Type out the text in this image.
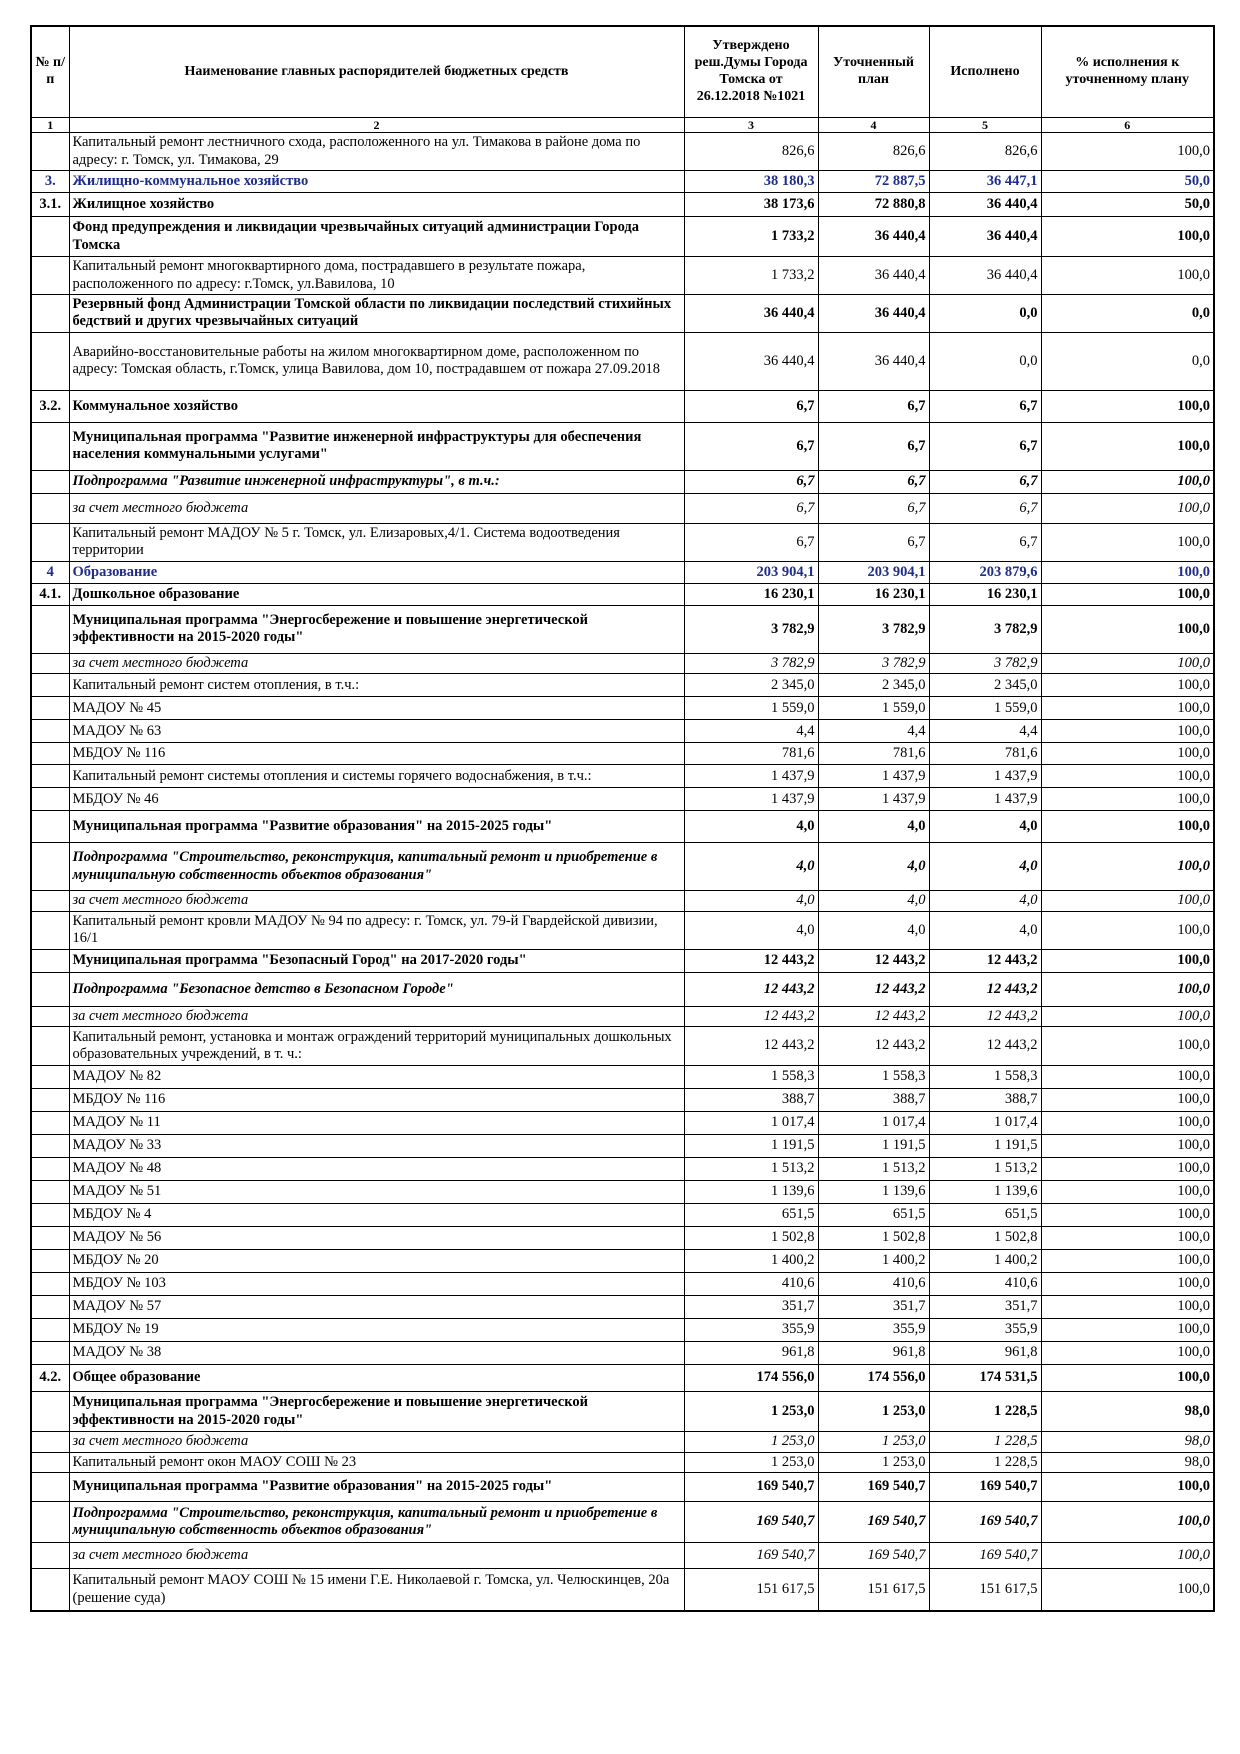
№ п/п	Наименование главных распорядителей бюджетных средств	Утверждено реш.Думы Города Томска от 26.12.2018 №1021	Уточненный план	Исполнено	% исполнения к уточненному плану
1	2	3	4	5	6
	Капитальный ремонт лестничного схода, расположенного на ул. Тимакова в районе дома по адресу: г. Томск, ул. Тимакова, 29	826,6	826,6	826,6	100,0
3.	Жилищно-коммунальное хозяйство	38 180,3	72 887,5	36 447,1	50,0
3.1.	Жилищное хозяйство	38 173,6	72 880,8	36 440,4	50,0
	Фонд предупреждения и ликвидации чрезвычайных ситуаций администрации Города Томска	1 733,2	36 440,4	36 440,4	100,0
	Капитальный ремонт многоквартирного дома, пострадавшего в результате пожара, расположенного по адресу: г.Томск, ул.Вавилова, 10	1 733,2	36 440,4	36 440,4	100,0
	Резервный фонд Администрации Томской области по ликвидации последствий стихийных бедствий и других чрезвычайных ситуаций	36 440,4	36 440,4	0,0	0,0
	Аварийно-восстановительные работы на жилом многоквартирном доме, расположенном по адресу: Томская область, г.Томск, улица Вавилова, дом 10, пострадавшем от пожара 27.09.2018	36 440,4	36 440,4	0,0	0,0
3.2.	Коммунальное хозяйство	6,7	6,7	6,7	100,0
	Муниципальная программа "Развитие инженерной инфраструктуры для обеспечения населения коммунальными услугами"	6,7	6,7	6,7	100,0
	Подпрограмма "Развитие инженерной инфраструктуры", в т.ч.:	6,7	6,7	6,7	100,0
	за счет местного бюджета	6,7	6,7	6,7	100,0
	Капитальный ремонт МАДОУ № 5 г. Томск, ул. Елизаровых,4/1. Система водоотведения территории	6,7	6,7	6,7	100,0
4	Образование	203 904,1	203 904,1	203 879,6	100,0
4.1.	Дошкольное образование	16 230,1	16 230,1	16 230,1	100,0
	Муниципальная программа "Энергосбережение и повышение энергетической эффективности на 2015-2020 годы"	3 782,9	3 782,9	3 782,9	100,0
	за счет местного бюджета	3 782,9	3 782,9	3 782,9	100,0
	Капитальный ремонт систем отопления, в т.ч.:	2 345,0	2 345,0	2 345,0	100,0
	МАДОУ № 45	1 559,0	1 559,0	1 559,0	100,0
	МАДОУ № 63	4,4	4,4	4,4	100,0
	МБДОУ № 116	781,6	781,6	781,6	100,0
	Капитальный ремонт системы отопления и системы горячего водоснабжения, в т.ч.:	1 437,9	1 437,9	1 437,9	100,0
	МБДОУ № 46	1 437,9	1 437,9	1 437,9	100,0
	Муниципальная программа "Развитие образования" на 2015-2025 годы"	4,0	4,0	4,0	100,0
	Подпрограмма "Строительство, реконструкция, капитальный ремонт и приобретение в муниципальную собственность объектов образования"	4,0	4,0	4,0	100,0
	за счет местного бюджета	4,0	4,0	4,0	100,0
	Капитальный ремонт кровли МАДОУ № 94 по адресу: г. Томск, ул. 79-й Гвардейской дивизии, 16/1	4,0	4,0	4,0	100,0
	Муниципальная программа "Безопасный Город" на 2017-2020 годы"	12 443,2	12 443,2	12 443,2	100,0
	Подпрограмма "Безопасное детство в Безопасном Городе"	12 443,2	12 443,2	12 443,2	100,0
	за счет местного бюджета	12 443,2	12 443,2	12 443,2	100,0
	Капитальный ремонт, установка и монтаж ограждений территорий муниципальных дошкольных образовательных учреждений, в т. ч.:	12 443,2	12 443,2	12 443,2	100,0
	МАДОУ № 82	1 558,3	1 558,3	1 558,3	100,0
	МБДОУ № 116	388,7	388,7	388,7	100,0
	МАДОУ № 11	1 017,4	1 017,4	1 017,4	100,0
	МАДОУ № 33	1 191,5	1 191,5	1 191,5	100,0
	МАДОУ № 48	1 513,2	1 513,2	1 513,2	100,0
	МАДОУ № 51	1 139,6	1 139,6	1 139,6	100,0
	МБДОУ № 4	651,5	651,5	651,5	100,0
	МАДОУ № 56	1 502,8	1 502,8	1 502,8	100,0
	МБДОУ № 20	1 400,2	1 400,2	1 400,2	100,0
	МБДОУ № 103	410,6	410,6	410,6	100,0
	МАДОУ № 57	351,7	351,7	351,7	100,0
	МБДОУ № 19	355,9	355,9	355,9	100,0
	МАДОУ № 38	961,8	961,8	961,8	100,0
4.2.	Общее образование	174 556,0	174 556,0	174 531,5	100,0
	Муниципальная программа "Энергосбережение и повышение энергетической эффективности на 2015-2020 годы"	1 253,0	1 253,0	1 228,5	98,0
	за счет местного бюджета	1 253,0	1 253,0	1 228,5	98,0
	Капитальный ремонт окон МАОУ СОШ № 23	1 253,0	1 253,0	1 228,5	98,0
	Муниципальная программа "Развитие образования" на 2015-2025 годы"	169 540,7	169 540,7	169 540,7	100,0
	Подпрограмма "Строительство, реконструкция, капитальный ремонт и приобретение в муниципальную собственность объектов образования"	169 540,7	169 540,7	169 540,7	100,0
	за счет местного бюджета	169 540,7	169 540,7	169 540,7	100,0
	Капитальный ремонт МАОУ СОШ № 15 имени Г.Е. Николаевой г. Томска, ул. Челюскинцев, 20а (решение суда)	151 617,5	151 617,5	151 617,5	100,0
